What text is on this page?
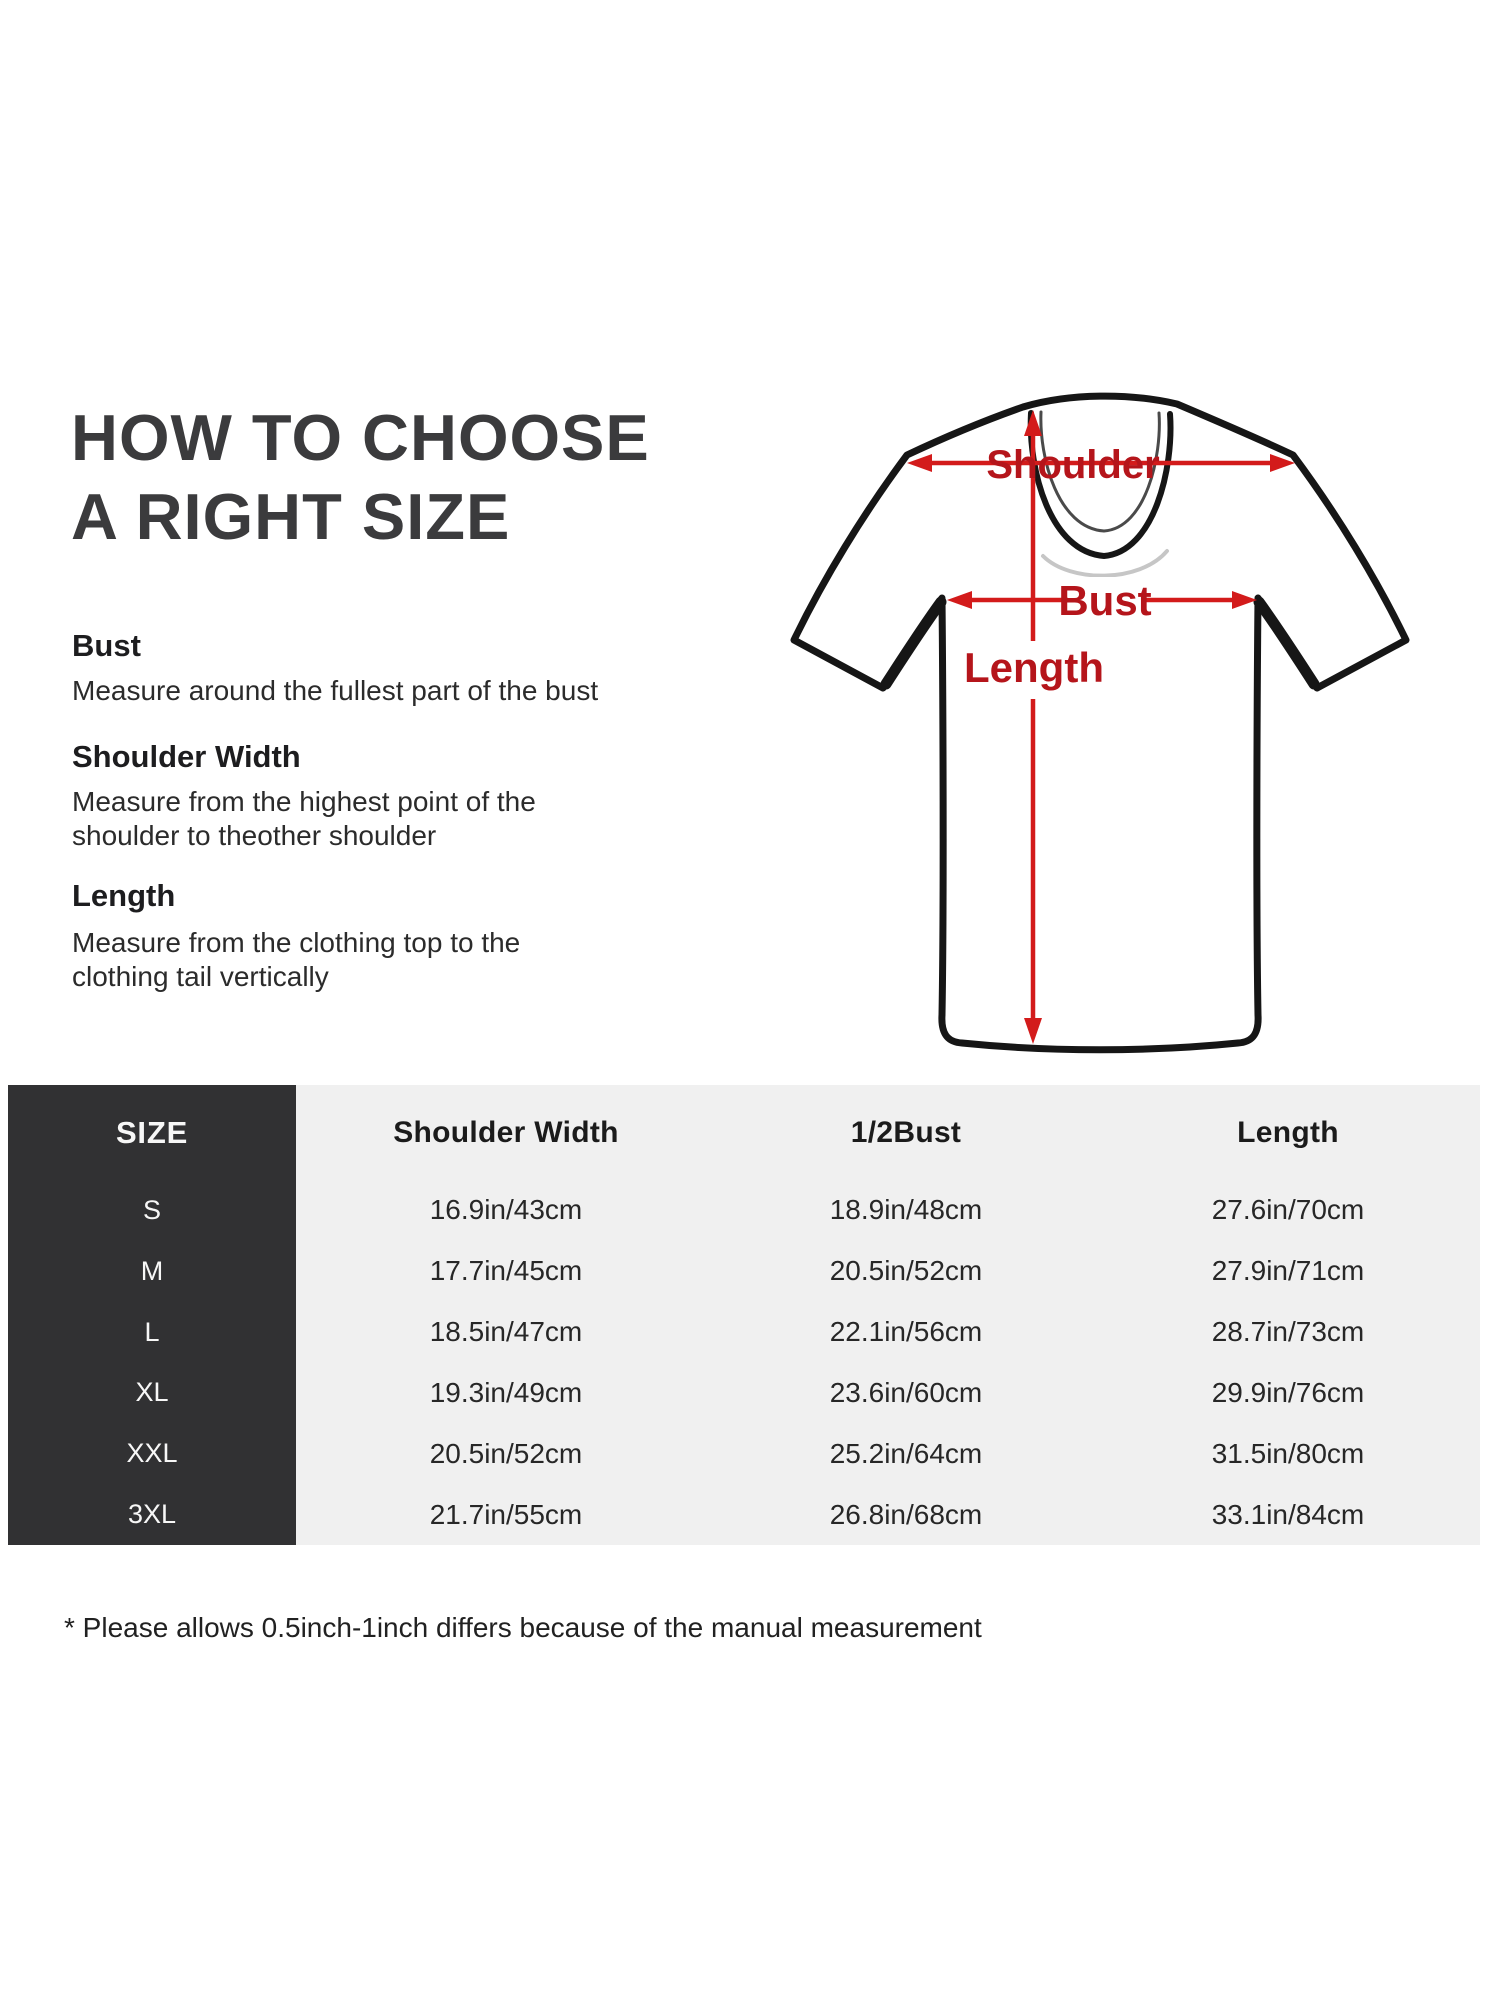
HOW TO CHOOSE
A RIGHT SIZE
Bust
Measure around the fullest part of the bust
Shoulder Width
Measure from the highest point of the
shoulder to theother shoulder
Length
Measure from the clothing top to the
clothing tail vertically
Shoulder
Bust
Length
SIZE	Shoulder Width	1/2Bust	Length
S	16.9in/43cm	18.9in/48cm	27.6in/70cm
M	17.7in/45cm	20.5in/52cm	27.9in/71cm
L	18.5in/47cm	22.1in/56cm	28.7in/73cm
XL	19.3in/49cm	23.6in/60cm	29.9in/76cm
XXL	20.5in/52cm	25.2in/64cm	31.5in/80cm
3XL	21.7in/55cm	26.8in/68cm	33.1in/84cm
* Please allows 0.5inch-1inch differs because of the manual measurement
